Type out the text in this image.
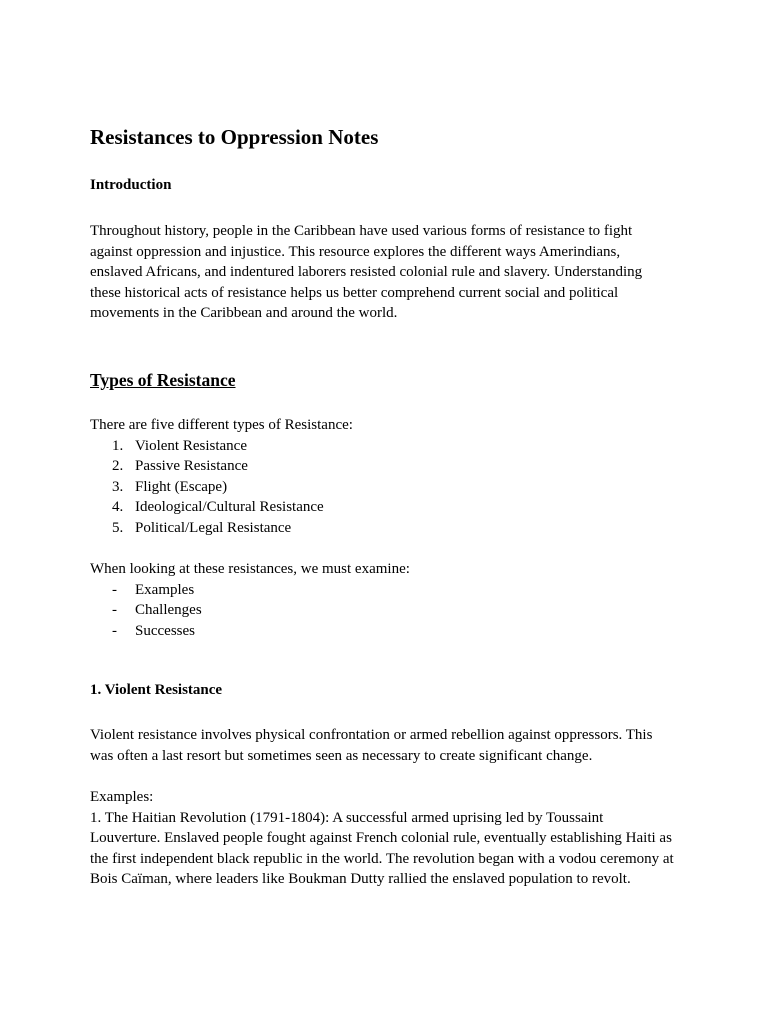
Resistances to Oppression Notes
Introduction

Throughout history, people in the Caribbean have used various forms of resistance to fight
against oppression and injustice. This resource explores the different ways Amerindians,
enslaved Africans, and indentured laborers resisted colonial rule and slavery. Understanding
these historical acts of resistance helps us better comprehend current social and political
movements in the Caribbean and around the world.

Types of Resistance

There are five different types of Resistance:

1. Violent Resistance
2. Passive Resistance
3. Flight (Escape)
4. Ideological/Cultural Resistance
5. Political/Legal Resistance

When looking at these resistances, we must examine:

- Examples
- Challenges
- Successes
1. Violent Resistance

Violent resistance involves physical confrontation or armed rebellion against oppressors. This
was often a last resort but sometimes seen as necessary to create significant change.

Examples:
1. The Haitian Revolution (1791-1804): A successful armed uprising led by Toussaint
Louverture. Enslaved people fought against French colonial rule, eventually establishing Haiti as
the first independent black republic in the world. The revolution began with a vodou ceremony at
Bois Caïman, where leaders like Boukman Dutty rallied the enslaved population to revolt.
